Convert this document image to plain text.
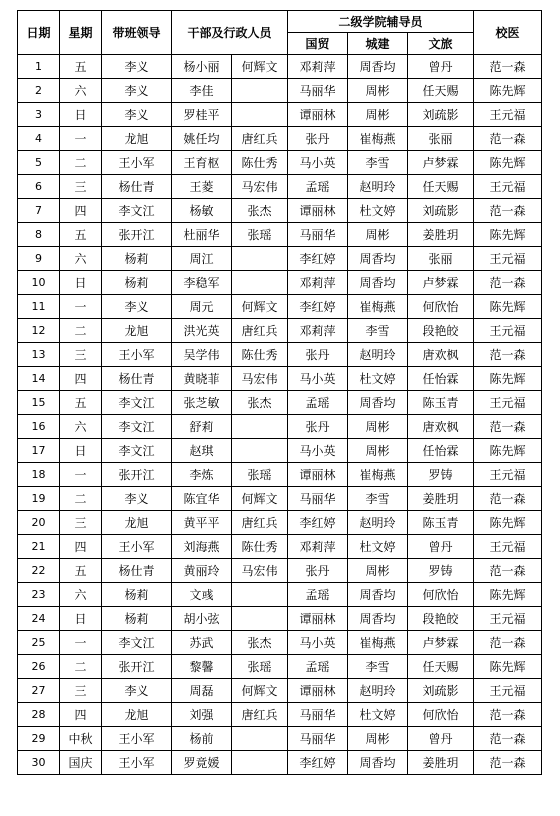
日期	星期	带班领导	干部及行政人员		二级学院辅导员			校医
					国贸	城建	文旅	
1	五	李义	杨小丽	何辉文	邓莉萍	周香均	曾丹	范一森
2	六	李义	李佳		马丽华	周彬	任天赐	陈先辉
3	日	李义	罗桂平		谭丽林	周彬	刘疏影	王元福
4	一	龙旭	姚任均	唐红兵	张丹	崔梅燕	张丽	范一森
5	二	王小军	王育枢	陈仕秀	马小英	李雪	卢梦霖	陈先辉
6	三	杨仕青	王菱	马宏伟	孟瑶	赵明玲	任天赐	王元福
7	四	李文江	杨敏	张杰	谭丽林	杜文婷	刘疏影	范一森
8	五	张开江	杜丽华	张瑶	马丽华	周彬	姜胜玥	陈先辉
9	六	杨莉	周江		李红婷	周香均	张丽	王元福
10	日	杨莉	李稳军		邓莉萍	周香均	卢梦霖	范一森
11	一	李义	周元	何辉文	李红婷	崔梅燕	何欣怡	陈先辉
12	二	龙旭	洪光英	唐红兵	邓莉萍	李雪	段艳皎	王元福
13	三	王小军	吴学伟	陈仕秀	张丹	赵明玲	唐欢枫	范一森
14	四	杨仕青	黄晓菲	马宏伟	马小英	杜文婷	任怡霖	陈先辉
15	五	李文江	张芝敏	张杰	孟瑶	周香均	陈玉青	王元福
16	六	李文江	舒莉		张丹	周彬	唐欢枫	范一森
17	日	李文江	赵琪		马小英	周彬	任怡霖	陈先辉
18	一	张开江	李炼	张瑶	谭丽林	崔梅燕	罗铸	王元福
19	二	李义	陈宜华	何辉文	马丽华	李雪	姜胜玥	范一森
20	三	龙旭	黄平平	唐红兵	李红婷	赵明玲	陈玉青	陈先辉
21	四	王小军	刘海燕	陈仕秀	邓莉萍	杜文婷	曾丹	王元福
22	五	杨仕青	黄丽玲	马宏伟	张丹	周彬	罗铸	范一森
23	六	杨莉	文彧		孟瑶	周香均	何欣怡	陈先辉
24	日	杨莉	胡小弦		谭丽林	周香均	段艳皎	王元福
25	一	李文江	苏武	张杰	马小英	崔梅燕	卢梦霖	范一森
26	二	张开江	黎馨	张瑶	孟瑶	李雪	任天赐	陈先辉
27	三	李义	周磊	何辉文	谭丽林	赵明玲	刘疏影	王元福
28	四	龙旭	刘强	唐红兵	马丽华	杜文婷	何欣怡	范一森
29	中秋	王小军	杨前		马丽华	周彬	曾丹	范一森
30	国庆	王小军	罗竟媛		李红婷	周香均	姜胜玥	范一森
